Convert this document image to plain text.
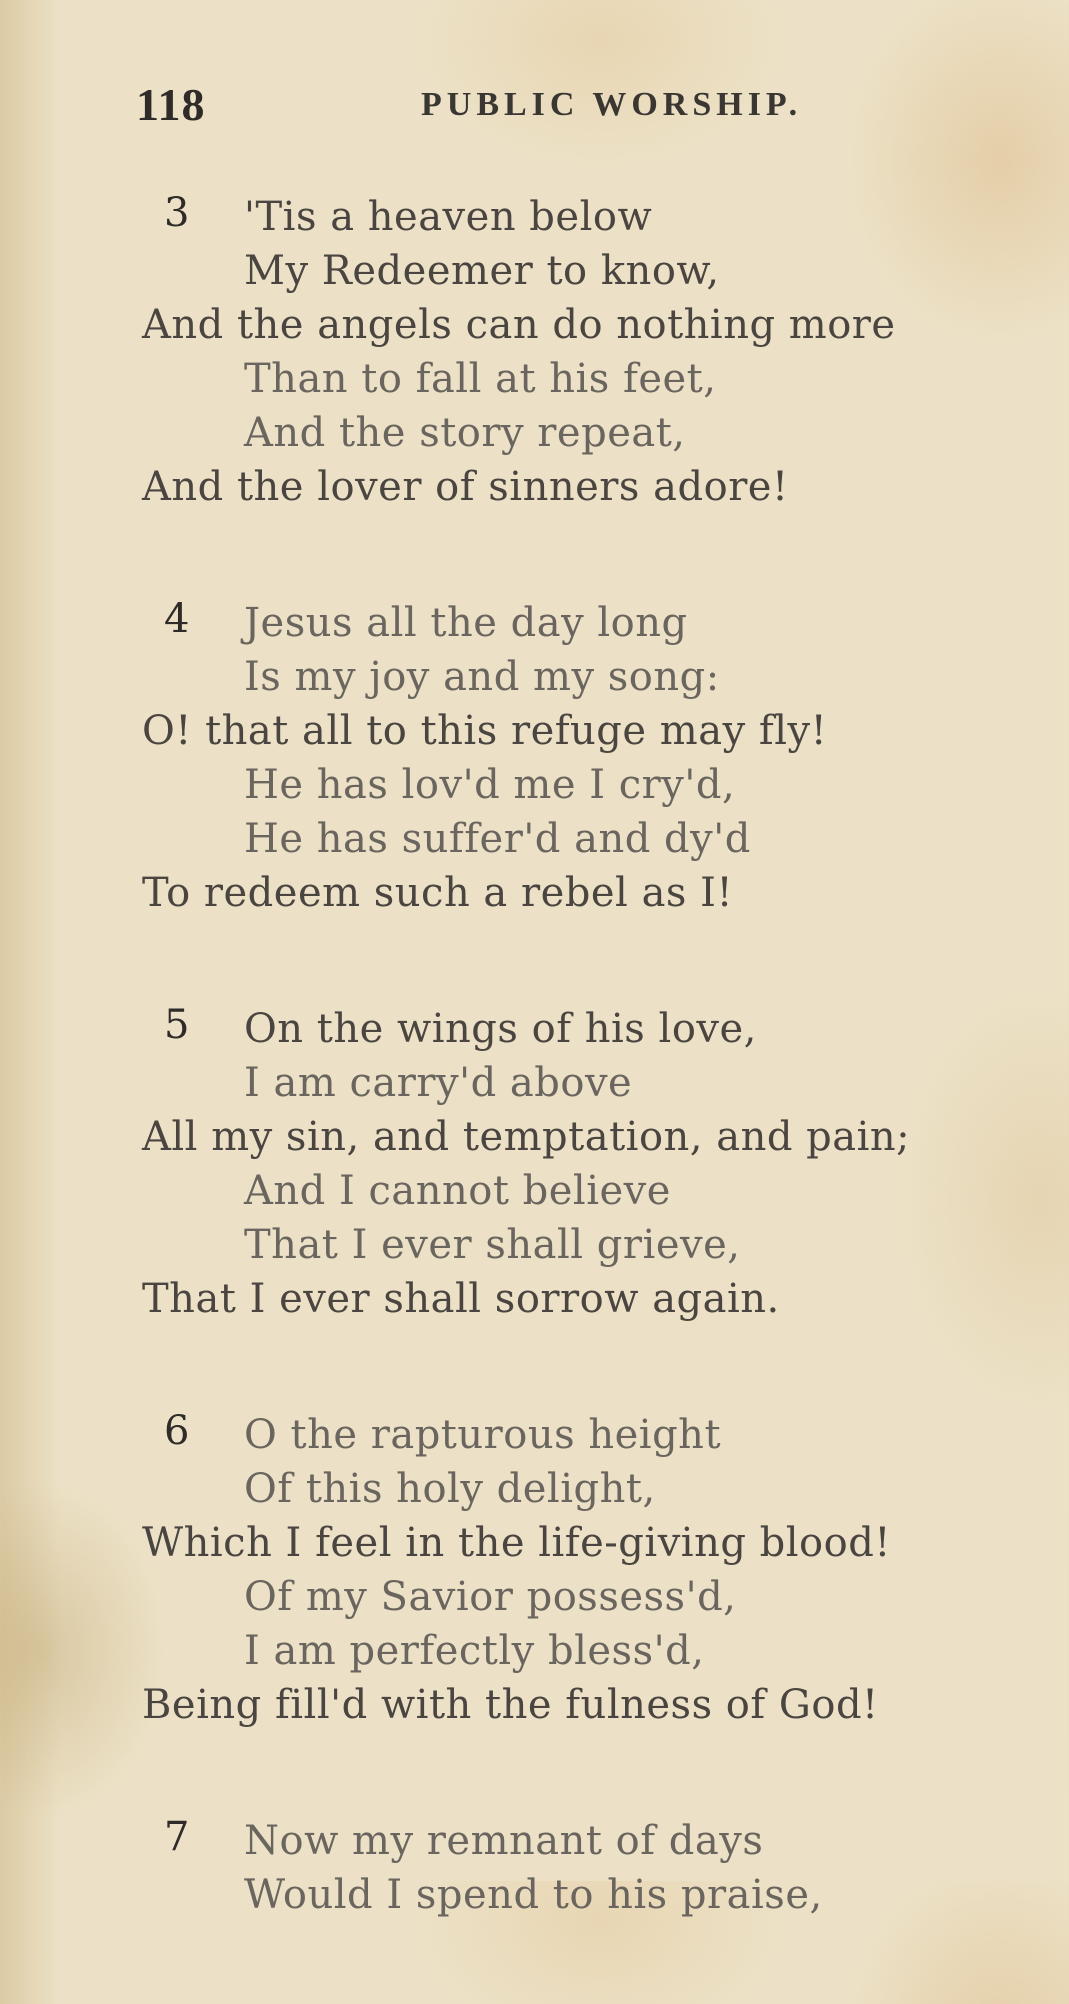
118	PUBLIC WORSHIP.
3	'Tis a heaven below
My Redeemer to know,
And the angels can do nothing more
Than to fall at his feet,
And the story repeat,
And the lover of sinners adore!
4	Jesus all the day long
Is my joy and my song:
O! that all to this refuge may fly!
He has lov'd me I cry'd,
He has suffer'd and dy'd
To redeem such a rebel as I!
5	On the wings of his love,
I am carry'd above
All my sin, and temptation, and pain;
And I cannot believe
That I ever shall grieve,
That I ever shall sorrow again.
6	O the rapturous height
Of this holy delight,
Which I feel in the life-giving blood!
Of my Savior possess'd,
I am perfectly bless'd,
Being fill'd with the fulness of God!
7	Now my remnant of days
Would I spend to his praise,
